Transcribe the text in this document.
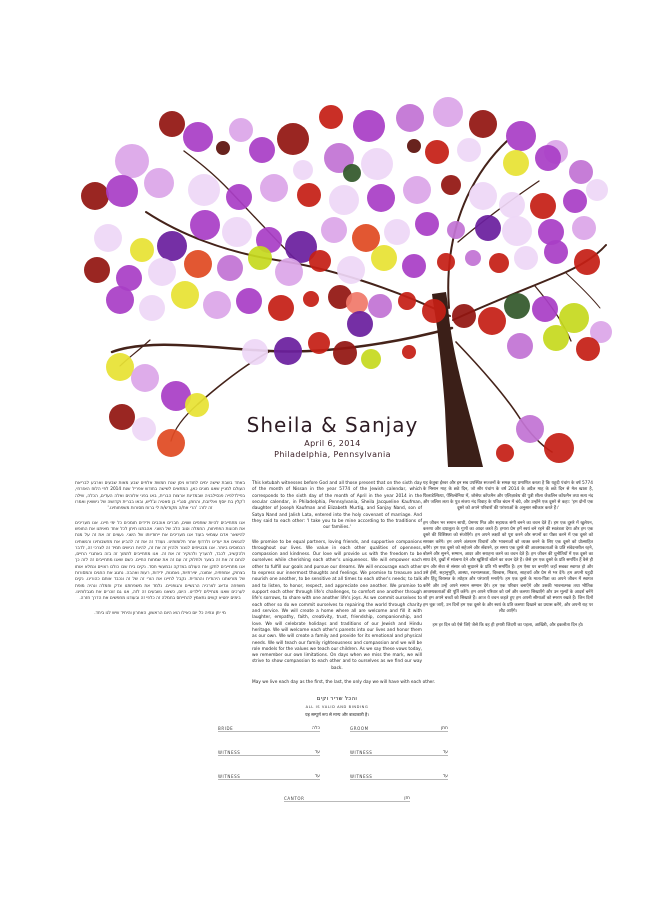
Sheila & Sanjay
April 6, 2014
Philadelphia, Pennsylvania

באחד בשבת שישה ימים לחודש ניסן שנת חמשת אלפים שבע מאות שבעים וארבע לבריאת העולם למניין שאנו מונים כאן, המתאים לשישה בחודש אפריל שנת 2014 לפי הלוח האזרחי, בפילדלפיה פנסילבניה שבמדינת ארצות הברית, באו בפני אלוהים ואלה העדים, הכלה, שילה ז'קלין בת יוסף ואליזבת, והחתן, סנג'יי בן סאטיה וג'ליש, ובאו בברית וקדושה של נישואין ואמרו זה לזה: 'הרי את/ה מקודש/ת לי ברוח מסורות משפחותינו.'

אנו מתחייבים להיות שותפים שווים, חברים אוהבים וידידים תומכים כל ימי חיינו. אנו מעריכים את תכונות הפתיחות, החמלה וטוב הלב של השני. אהבתנו תיתן לכל אחד מאיתנו את החופש להישאר אדם עצמאי בעוד אנו מעריכים את ייחודיותו של השני. נעצים זה את זה על מנת להגשים את יעדינו ולרדוף אחר חלומותינו. נעודד זה את זה להביע את מחשבותינו ורגשותינו הכמוסים ביותר. אנו מבטיחים לנצור ולהזין זה את זה, להיות רגישים תמיד זה לצרכי זה, לדבר ולהקשיב, לכבד, להעריך ולהוקיר זה את זה. אנו מתחייבים לתמוך זה בזה באתגרי החיים, לנחם זה את זה בצער ולחלוק זה עם זה את שמחות החיים. כשם שאנו מתחייבים זה לזה כך אנו מתחייבים לתקן את העולם בצדקה ובמעשי חסד. נקים בית שבו כולם רצויים ונמלא אותו בצחוק, אמפתיה, אמונה, יצירתיות, נאמנות, ידידות, רעות ואהבה. נחגוג את החגים והמסורות של מורשתנו היהודית וההודית. נקבל לחיינו את הורי זה של זה ונכבד אותם כהורינו. נקים משפחה ונדאג לצרכיה הרגשיים והגופניים. נלמד את משפחתנו צדק וחמלה ונהיה מופת לערכים שאנו מנחילים לילדינו. היום, כשאנו נשבעים זה לזה, אנו גם זוכרים את מגבלותינו. בימים יחטיא קשים נתאמץ להתייחס בחמלה זה כלפי זה ובעודנו מחפשים את הדרך חזרה.

מי יתן ונחיה כל יום כאילו הוא היום הראשון, האחרון והיחיד שיש לנו ביחד.

This ketubah witnesses before God and all those present that on the sixth day of the month of Nissan in the year 5774 of the Jewish calendar, which corresponds to the sixth day of the month of April in the year 2014 in the secular calendar, in Philadelphia, Pennsylvania, Sheila Jacqueline Kaufman, daughter of Joseph Kaufman and Elizabeth Murtig, and Sanjay Nand, son of Satya Nand and Jalish Lata, entered into the holy covenant of marriage. And they said to each other: 'I take you to be mine according to the traditions of our families.'

We promise to be equal partners, loving friends, and supportive companions throughout our lives. We value in each other qualities of openness, compassion and kindness. Our love will provide us with the freedom to be ourselves while cherishing each other's uniqueness. We will empower each other to fulfill our goals and pursue our dreams. We will encourage each other to express our innermost thoughts and feelings. We promise to treasure and nourish one another, to be sensitive at all times to each other's needs; to talk and to listen, to honor, respect, and appreciate one another. We promise to support each other through life's challenges, to comfort one another through life's sorrows, to share with one another life's joys. As we commit ourselves to each other so do we commit ourselves to repairing the world through charity and service. We will create a home where all are welcome and fill it with laughter, empathy, faith, creativity, trust, friendship, companionship, and love. We will celebrate holidays and traditions of our Jewish and Hindu heritage. We will welcome each other's parents into our lives and honor them as our own. We will create a family and provide for its emotional and physical needs. We will teach our family righteousness and compassion and we will be role models for the values we teach our children. As we say these vows today, we remember our own limitations. On days when we miss the mark, we will strive to show compassion to each other and to ourselves as we find our way back.

May we live each day as the first, the last, the only day we will have with each other.
והכל שריר וקים
ALL IS VALID AND BINDING
यह सम्पूर्ण रूप से मान्य और बाध्यकारी है।

यह केतुबा ईश्वर और इन सब उपस्थित सज्जनों के समक्ष यह प्रमाणित करता है कि यहूदी पंचांग के वर्ष 5774 के निसान माह के छठे दिन, जो सौर पंचांग के वर्ष 2014 के अप्रैल माह के छठे दिन से मेल खाता है, फिलाडेल्फिया, पेंसिल्वेनिया में, जोसेफ कॉफमैन और एलिज़ाबेथ की पुत्री शीला जैकलिन कॉफमैन तथा सत्य नंद और जलिश लता के पुत्र संजय नंद विवाह के पवित्र बंधन में बंधे, और उन्होंने एक दूसरे से कहा: 'हम दोनों एक दूसरे को अपने परिवारों की परंपराओं के अनुसार स्वीकार करते हैं।'

हम जीवन भर समान साथी, प्रेममय मित्र और सहायक संगी बनने का वचन देते हैं। हम एक दूसरे में खुलेपन, करुणा और दयालुता के गुणों का आदर करते हैं। हमारा प्रेम हमें स्वयं बने रहने की स्वतंत्रता देगा और हम एक दूसरे की विशिष्टता को संजोएँगे। हम अपने लक्ष्यों को पूरा करने और सपनों का पीछा करने में एक दूसरे को सशक्त करेंगे। हम अपने अंतरतम विचारों और भावनाओं को व्यक्त करने के लिए एक दूसरे को प्रोत्साहित करेंगे। हम एक दूसरे को सहेजने और सँवारने, हर समय एक दूसरे की आवश्यकताओं के प्रति संवेदनशील रहने, बोलने और सुनने, सम्मान, आदर और सराहना करने का वचन देते हैं। हम जीवन की चुनौतियों में एक दूसरे का साथ देने, दुखों में सांत्वना देने और खुशियाँ बाँटने का वचन देते हैं। जैसे हम एक दूसरे के प्रति समर्पित हैं वैसे ही दान और सेवा से संसार को सुधारने के प्रति भी समर्पित हैं। हम ऐसा घर बनाएँगे जहाँ सबका स्वागत हो और उसे हँसी, सहानुभूति, आस्था, रचनात्मकता, विश्वास, मित्रता, साहचर्य और प्रेम से भर देंगे। हम अपनी यहूदी और हिंदू विरासत के त्योहार और परंपराएँ मनाएँगे। हम एक दूसरे के माता-पिता का अपने जीवन में स्वागत करेंगे और उन्हें अपने समान सम्मान देंगे। हम एक परिवार बनाएँगे और उसकी भावनात्मक तथा भौतिक आवश्यकताओं की पूर्ति करेंगे। हम अपने परिवार को धर्म और करुणा सिखाएँगे और उन मूल्यों के आदर्श बनेंगे जो हम अपने बच्चों को सिखाते हैं। आज ये वचन कहते हुए हम अपनी सीमाओं को स्मरण रखते हैं। जिन दिनों हम चूक जाएँ, उन दिनों हम एक दूसरे के और स्वयं के प्रति करुणा दिखाने का प्रयास करेंगे, और अपनी राह पर लौट आएँगे।

हम हर दिन को ऐसे जिएँ जैसे कि वह ही हमारी जिंदगी का पहला, आखिरी, और इकलौता दिन हो।
BRIDE	כלה	GROOM	חתן
WITNESS	עד	WITNESS	עד
WITNESS	עד	WITNESS	עד
CANTOR	חזן
